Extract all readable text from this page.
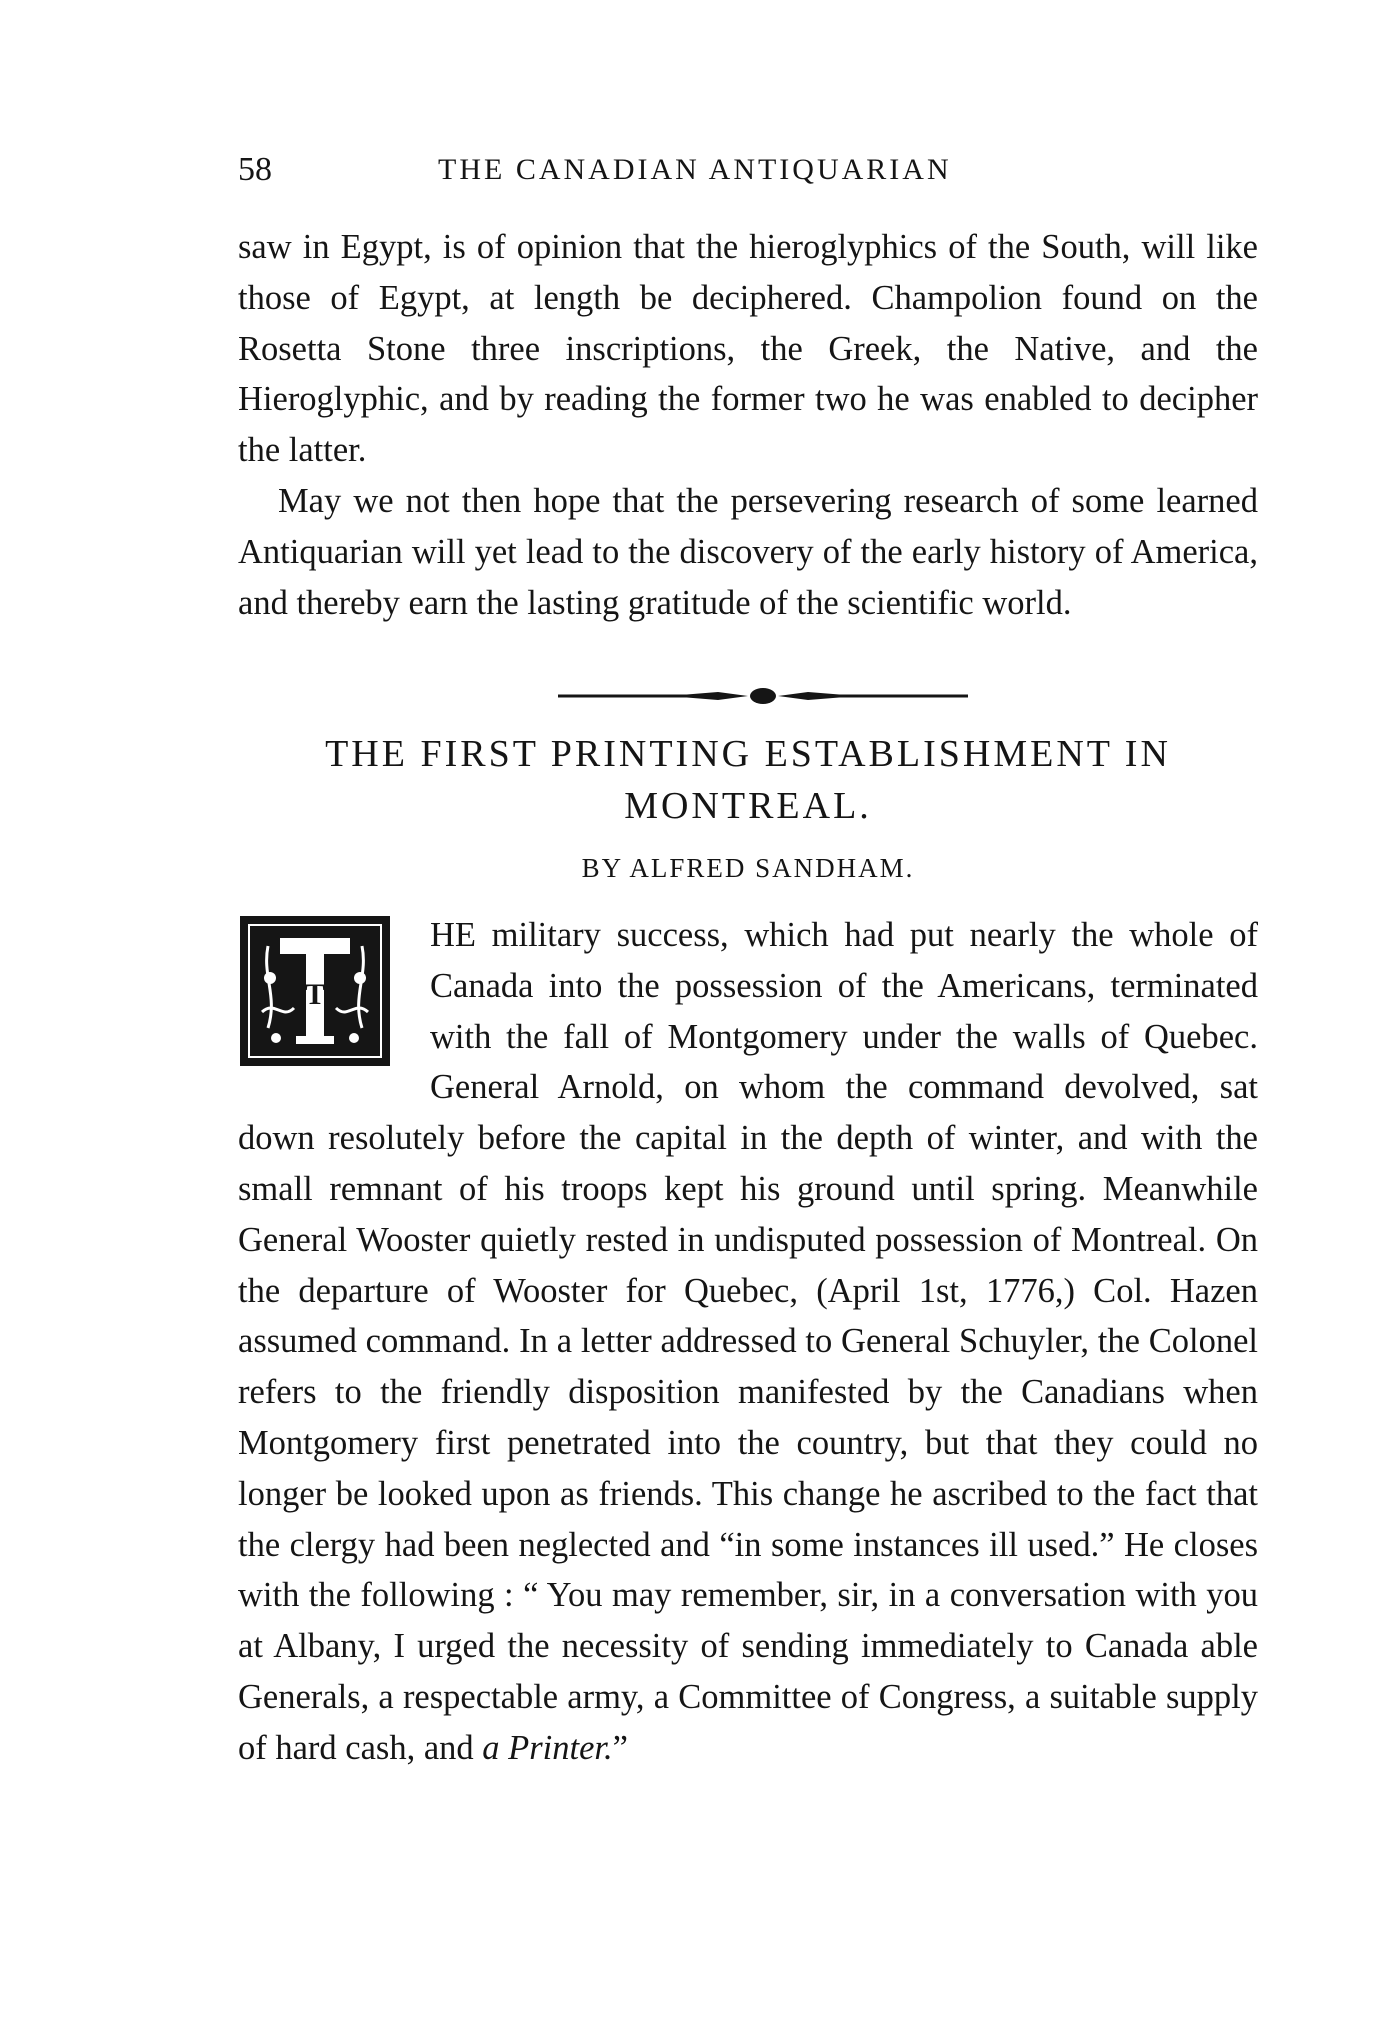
58	THE CANADIAN ANTIQUARIAN

saw in Egypt, is of opinion that the hieroglyphics of the South, will like those of Egypt, at length be deciphered. Champolion found on the Rosetta Stone three inscriptions, the Greek, the Native, and the Hieroglyphic, and by reading the former two he was enabled to decipher the latter.

May we not then hope that the persevering research of some learned Antiquarian will yet lead to the discovery of the early history of America, and thereby earn the lasting gratitude of the scientific world.

THE FIRST PRINTING ESTABLISHMENT IN MONTREAL.
BY ALFRED SANDHAM.
T
HE military success, which had put nearly the whole of Canada into the possession of the Americans, terminated with the fall of Montgomery under the walls of Quebec. General Arnold, on whom the command devolved, sat down resolutely before the capital in the depth of winter, and with the small remnant of his troops kept his ground until spring. Meanwhile General Wooster quietly rested in undisputed possession of Montreal. On the departure of Wooster for Quebec, (April 1st, 1776,) Col. Hazen assumed command. In a letter addressed to General Schuyler, the Colonel refers to the friendly disposition manifested by the Canadians when Montgomery first penetrated into the country, but that they could no longer be looked upon as friends. This change he ascribed to the fact that the clergy had been neglected and “in some instances ill used.” He closes with the following : “ You may remember, sir, in a conversation with you at Albany, I urged the necessity of sending immediately to Canada able Generals, a respectable army, a Committee of Congress, a suitable supply of hard cash, and a Printer.”
